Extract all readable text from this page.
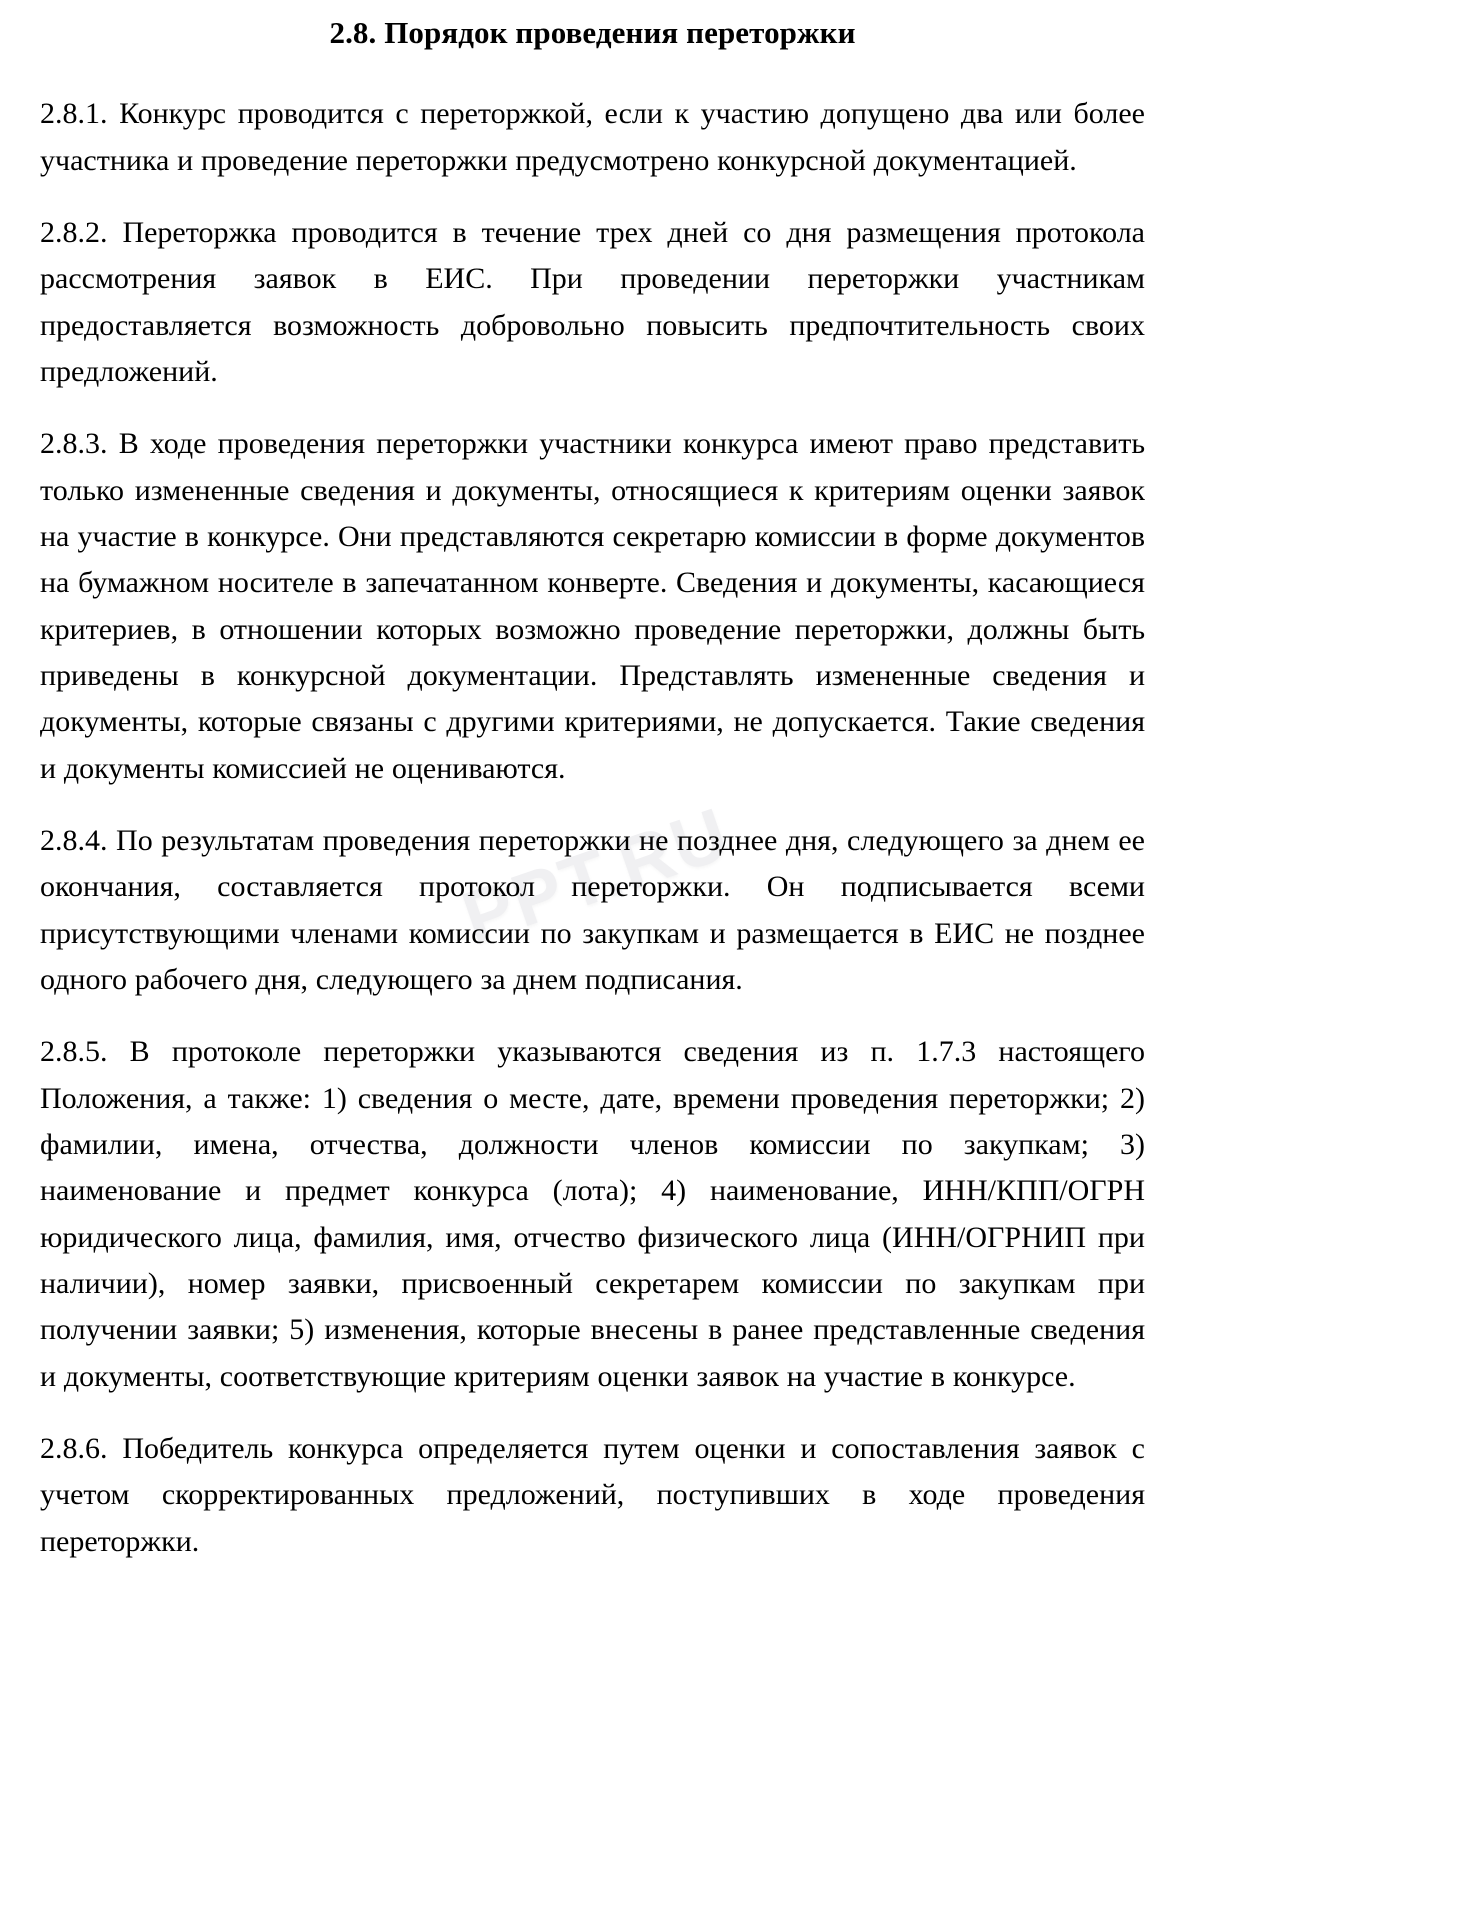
PPT.RU
2.8. Порядок проведения переторжки

2.8.1. Конкурс проводится с переторжкой, если к участию допущено два или более участника и проведение переторжки предусмотрено конкурсной документацией.

2.8.2. Переторжка проводится в течение трех дней со дня размещения протокола рассмотрения заявок в ЕИС. При проведении переторжки участникам предоставляется возможность добровольно повысить предпочтительность своих предложений.

2.8.3. В ходе проведения переторжки участники конкурса имеют право представить только измененные сведения и документы, относящиеся к критериям оценки заявок на участие в конкурсе. Они представляются секретарю комиссии в форме документов на бумажном носителе в запечатанном конверте. Сведения и документы, касающиеся критериев, в отношении которых возможно проведение переторжки, должны быть приведены в конкурсной документации. Представлять измененные сведения и документы, которые связаны с другими критериями, не допускается. Такие сведения и документы комиссией не оцениваются.

2.8.4. По результатам проведения переторжки не позднее дня, следующего за днем ее окончания, составляется протокол переторжки. Он подписывается всеми присутствующими членами комиссии по закупкам и размещается в ЕИС не позднее одного рабочего дня, следующего за днем подписания.

2.8.5. В протоколе переторжки указываются сведения из п. 1.7.3 настоящего Положения, а также: 1) сведения о месте, дате, времени проведения переторжки; 2) фамилии, имена, отчества, должности членов комиссии по закупкам; 3) наименование и предмет конкурса (лота); 4) наименование, ИНН/КПП/ОГРН юридического лица, фамилия, имя, отчество физического лица (ИНН/ОГРНИП при наличии), номер заявки, присвоенный секретарем комиссии по закупкам при получении заявки; 5) изменения, которые внесены в ранее представленные сведения и документы, соответствующие критериям оценки заявок на участие в конкурсе.

2.8.6. Победитель конкурса определяется путем оценки и сопоставления заявок с учетом скорректированных предложений, поступивших в ходе проведения переторжки.
